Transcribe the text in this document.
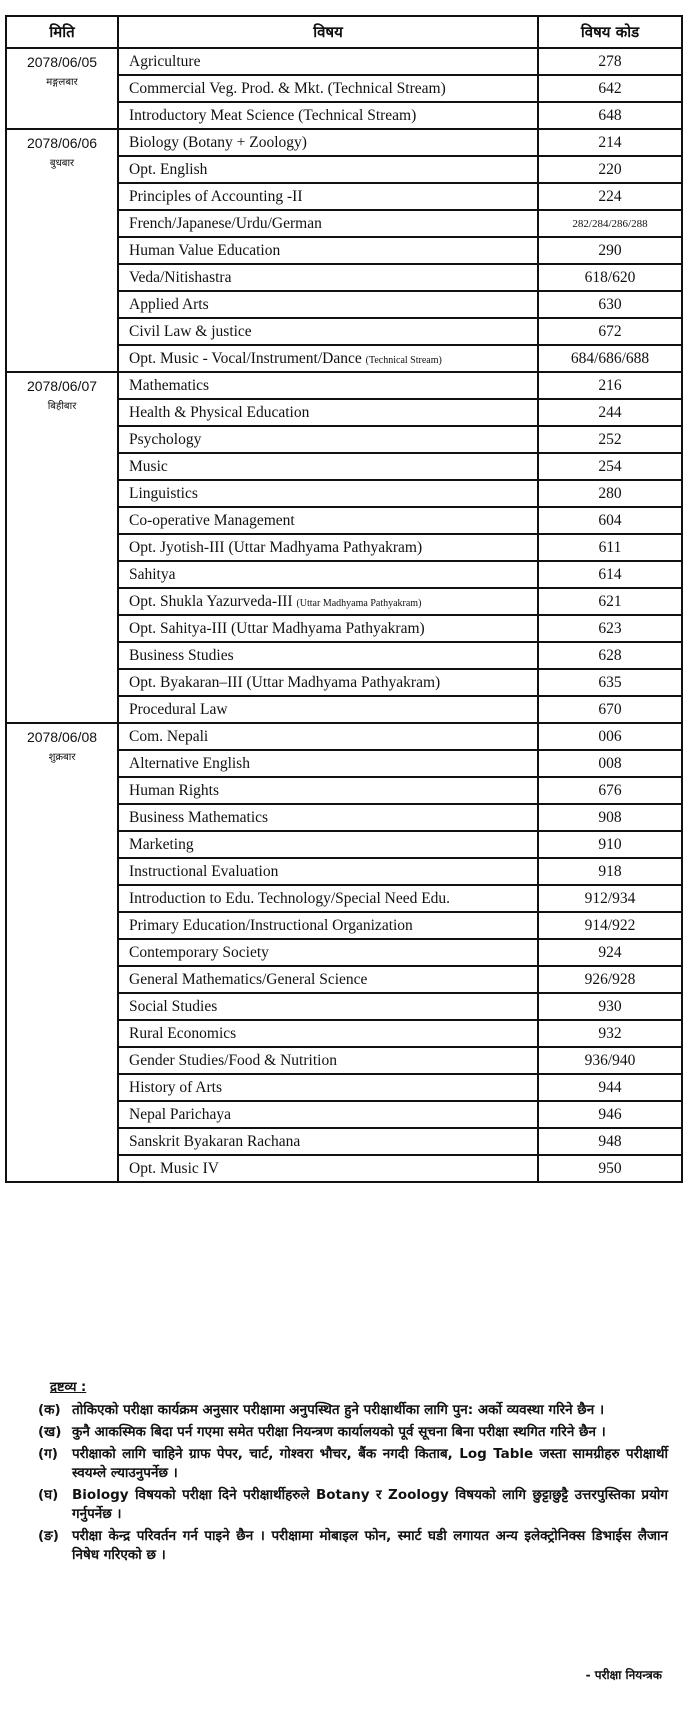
मिति	विषय	विषय कोड

2078/06/05
मङ्गलबार	Agriculture	278
	Commercial Veg. Prod. & Mkt. (Technical Stream)	642
	Introductory Meat Science (Technical Stream)	648

2078/06/06
बुधबार	Biology (Botany + Zoology)	214
	Opt. English	220
	Principles of Accounting -II	224
	French/Japanese/Urdu/German	282/284/286/288
	Human Value Education	290
	Veda/Nitishastra	618/620
	Applied Arts	630
	Civil Law & justice	672
	Opt. Music - Vocal/Instrument/Dance (Technical Stream)	684/686/688

2078/06/07
बिहीबार	Mathematics	216
	Health & Physical Education	244
	Psychology	252
	Music	254
	Linguistics	280
	Co-operative Management	604
	Opt. Jyotish-III (Uttar Madhyama Pathyakram)	611
	Sahitya	614
	Opt. Shukla Yazurveda-III (Uttar Madhyama Pathyakram)	621
	Opt. Sahitya-III (Uttar Madhyama Pathyakram)	623
	Business Studies	628
	Opt. Byakaran–III (Uttar Madhyama Pathyakram)	635
	Procedural Law	670

2078/06/08
शुक्रबार	Com. Nepali	006
	Alternative English	008
	Human Rights	676
	Business Mathematics	908
	Marketing	910
	Instructional Evaluation	918
	Introduction to Edu. Technology/Special Need Edu.	912/934
	Primary Education/Instructional Organization	914/922
	Contemporary Society	924
	General Mathematics/General Science	926/928
	Social Studies	930
	Rural Economics	932
	Gender Studies/Food & Nutrition	936/940
	History of Arts	944
	Nepal Parichaya	946
	Sanskrit Byakaran Rachana	948
	Opt. Music IV	950
द्रष्टव्य :
(क) तोकिएको परीक्षा कार्यक्रम अनुसार परीक्षामा अनुपस्थित हुने परीक्षार्थीका लागि पुन: अर्को व्यवस्था गरिने छैन ।
(ख) कुनै आकस्मिक बिदा पर्न गएमा समेत परीक्षा नियन्त्रण कार्यालयको पूर्व सूचना बिना परीक्षा स्थगित गरिने छैन ।
(ग)	परीक्षाको लागि चाहिने ग्राफ पेपर, चार्ट, गोश्वरा भौचर, बैंक नगदी किताब, Log Table जस्ता सामग्रीहरु परीक्षार्थी स्वयम्ले ल्याउनुपर्नेछ ।
(घ)	Biology विषयको परीक्षा दिने परीक्षार्थीहरुले Botany र Zoology विषयको लागि छुट्टाछुट्टै उत्तरपुस्तिका प्रयोग गर्नुपर्नेछ ।
(ङ) परीक्षा केन्द्र परिवर्तन गर्न पाइने छैन । परीक्षामा मोबाइल फोन, स्मार्ट घडी लगायत अन्य इलेक्ट्रोनिक्स डिभाईस लैजान निषेध गरिएको छ ।
- परीक्षा नियन्त्रक
